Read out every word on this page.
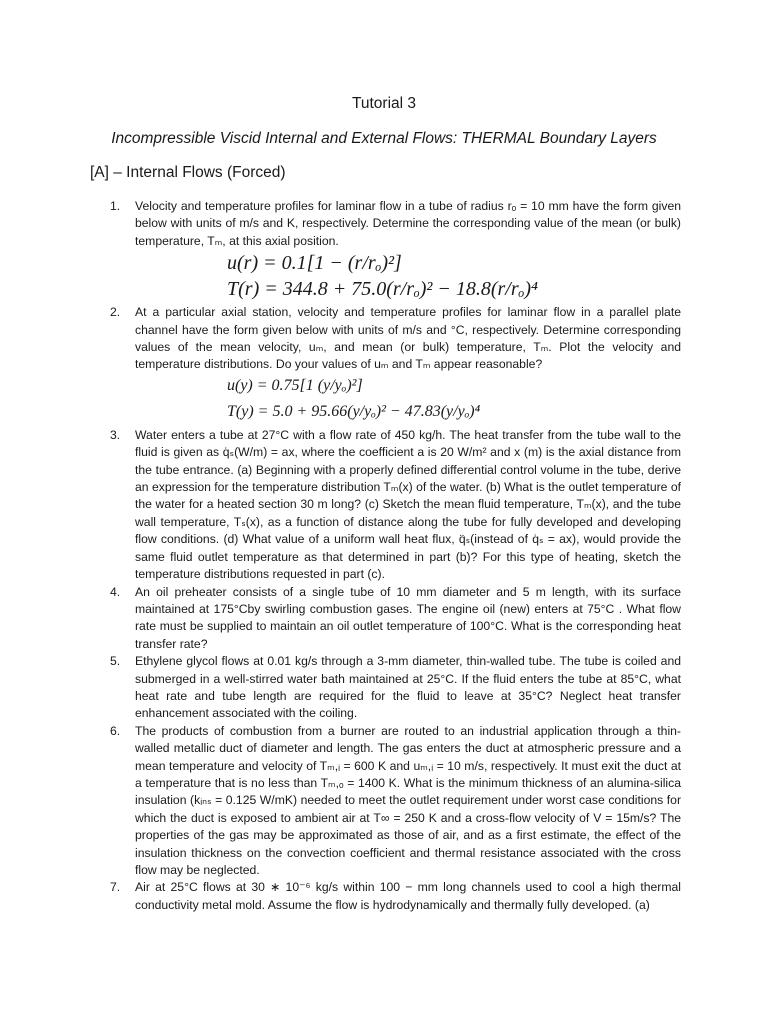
Tutorial 3
Incompressible Viscid Internal and External Flows: THERMAL Boundary Layers
[A] – Internal Flows (Forced)
1. Velocity and temperature profiles for laminar flow in a tube of radius rₒ = 10 mm have the form given below with units of m/s and K, respectively. Determine the corresponding value of the mean (or bulk) temperature, Tₘ, at this axial position.
u(r) = 0.1[1 − (r/rₒ)²]
T(r) = 344.8 + 75.0(r/rₒ)² − 18.8(r/rₒ)⁴
2. At a particular axial station, velocity and temperature profiles for laminar flow in a parallel plate channel have the form given below with units of m/s and °C, respectively. Determine corresponding values of the mean velocity, uₘ, and mean (or bulk) temperature, Tₘ. Plot the velocity and temperature distributions. Do your values of uₘ and Tₘ appear reasonable?
u(y) = 0.75[1 (y/yₒ)²]
T(y) = 5.0 + 95.66(y/yₒ)² − 47.83(y/yₒ)⁴
3. Water enters a tube at 27°C with a flow rate of 450 kg/h. The heat transfer from the tube wall to the fluid is given as q̇ₛ(W/m) = ax, where the coefficient a is 20 W/m² and x (m) is the axial distance from the tube entrance. (a) Beginning with a properly defined differential control volume in the tube, derive an expression for the temperature distribution Tₘ(x) of the water. (b) What is the outlet temperature of the water for a heated section 30 m long? (c) Sketch the mean fluid temperature, Tₘ(x), and the tube wall temperature, Tₛ(x), as a function of distance along the tube for fully developed and developing flow conditions. (d) What value of a uniform wall heat flux, q̈ₛ(instead of q̇ₛ = ax), would provide the same fluid outlet temperature as that determined in part (b)? For this type of heating, sketch the temperature distributions requested in part (c).
4. An oil preheater consists of a single tube of 10 mm diameter and 5 m length, with its surface maintained at 175°Cby swirling combustion gases. The engine oil (new) enters at 75°C . What flow rate must be supplied to maintain an oil outlet temperature of 100°C. What is the corresponding heat transfer rate?
5. Ethylene glycol flows at 0.01 kg/s through a 3-mm diameter, thin-walled tube. The tube is coiled and submerged in a well-stirred water bath maintained at 25°C. If the fluid enters the tube at 85°C, what heat rate and tube length are required for the fluid to leave at 35°C? Neglect heat transfer enhancement associated with the coiling.
6. The products of combustion from a burner are routed to an industrial application through a thin-walled metallic duct of diameter and length. The gas enters the duct at atmospheric pressure and a mean temperature and velocity of Tₘ,ᵢ = 600 K and uₘ,ᵢ = 10 m/s, respectively. It must exit the duct at a temperature that is no less than Tₘ,ₒ = 1400 K. What is the minimum thickness of an alumina-silica insulation (kᵢₙₛ = 0.125 W/mK) needed to meet the outlet requirement under worst case conditions for which the duct is exposed to ambient air at T∞ = 250 K and a cross-flow velocity of V = 15m/s? The properties of the gas may be approximated as those of air, and as a first estimate, the effect of the insulation thickness on the convection coefficient and thermal resistance associated with the cross flow may be neglected.
7. Air at 25°C flows at 30 ∗ 10⁻⁶ kg/s within 100 − mm long channels used to cool a high thermal conductivity metal mold. Assume the flow is hydrodynamically and thermally fully developed. (a)
